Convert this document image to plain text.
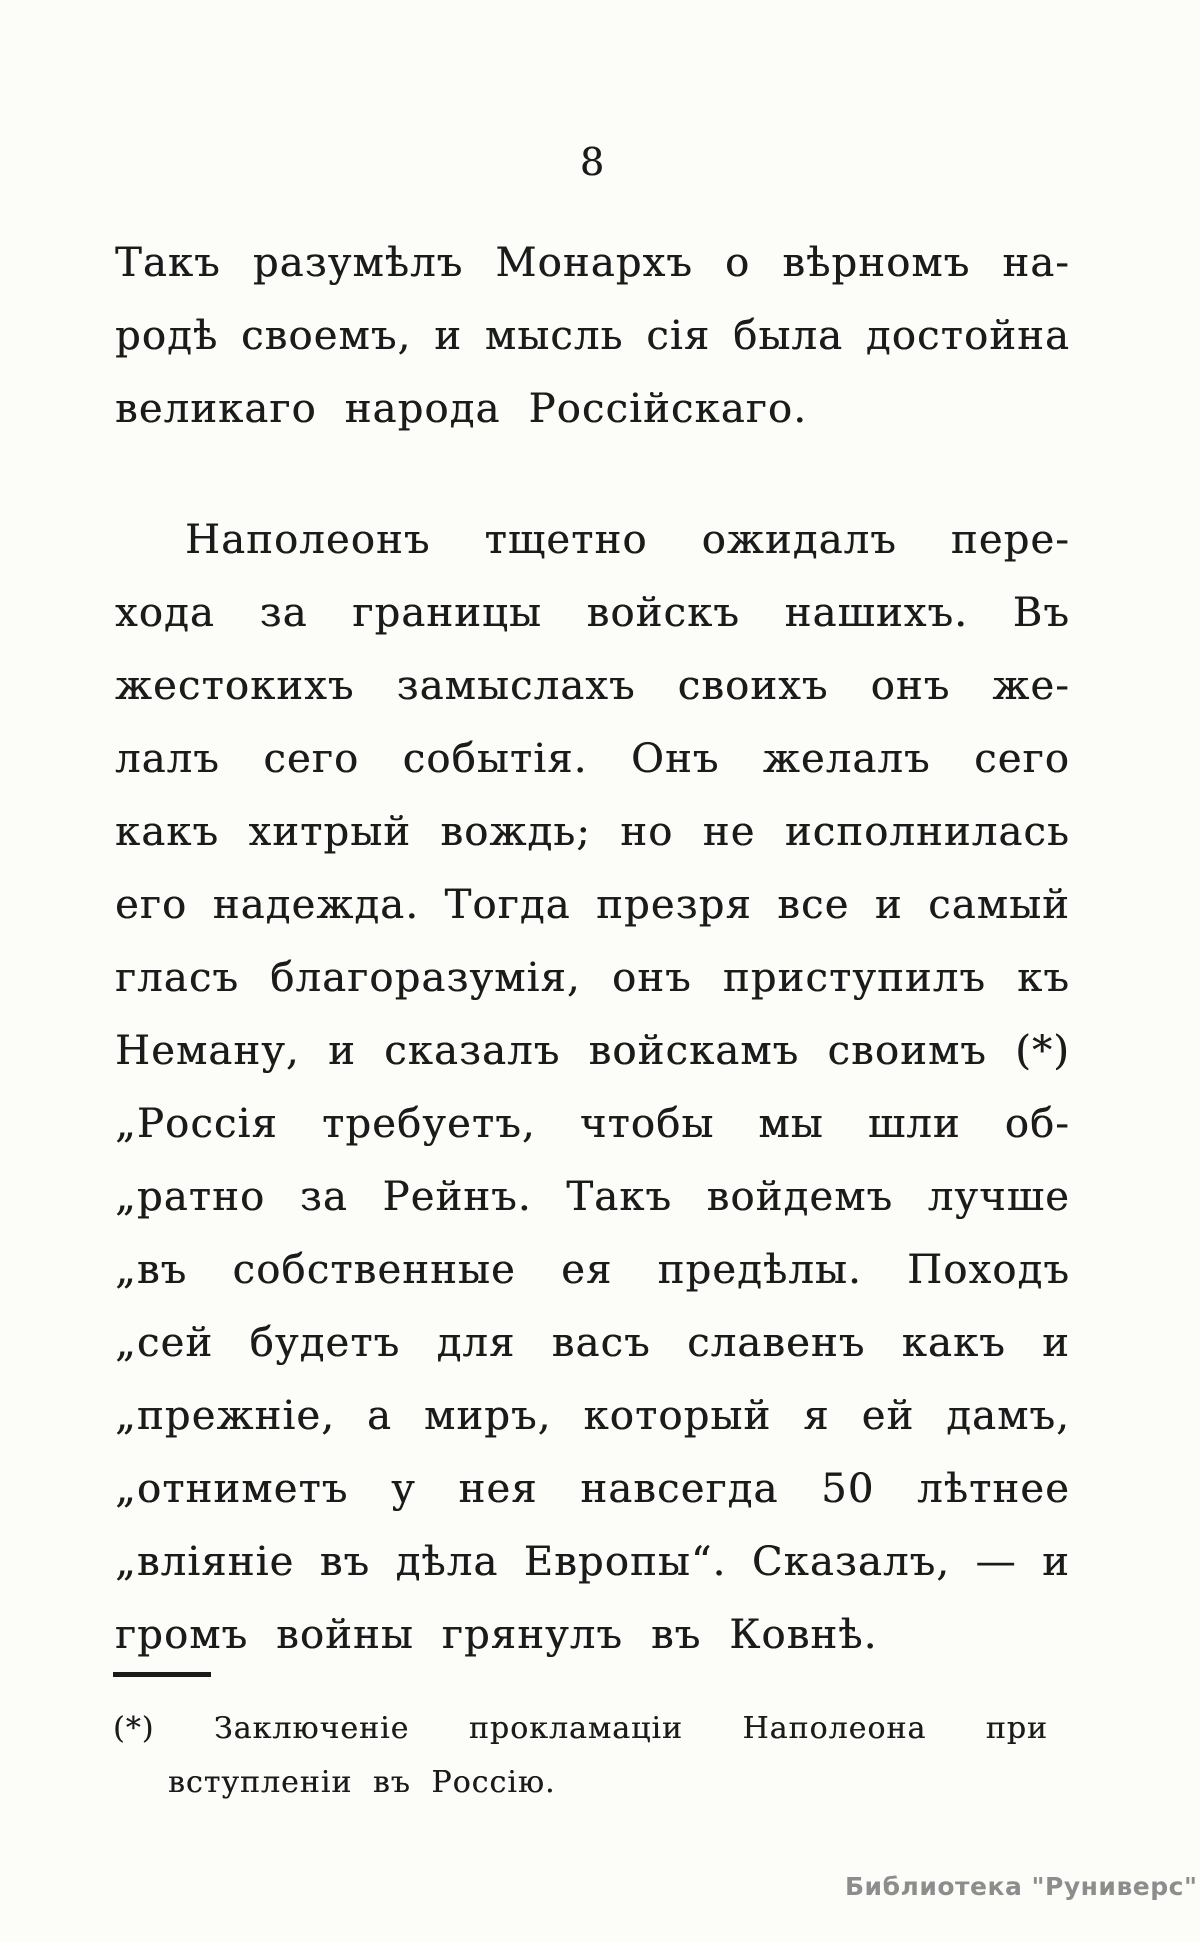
8
Такъ разумѣлъ Монархъ о вѣрномъ на-
родѣ своемъ, и мысль сія была достойна
великаго народа Россійскаго.
Наполеонъ тщетно ожидалъ пере-
хода за границы войскъ нашихъ. Въ
жестокихъ замыслахъ своихъ онъ же-
лалъ сего событія. Онъ желалъ сего
какъ хитрый вождь; но не исполнилась
его надежда. Тогда презря все и самый
гласъ благоразумія, онъ приступилъ къ
Неману, и сказалъ войскамъ своимъ (*)
„Россія требуетъ, чтобы мы шли об-
„ратно за Рейнъ. Такъ войдемъ лучше
„въ собственные ея предѣлы. Походъ
„сей будетъ для васъ славенъ какъ и
„прежніе, а миръ, который я ей дамъ,
„отниметъ у нея навсегда 50 лѣтнее
„вліяніе въ дѣла Европы“. Сказалъ, — и
громъ войны грянулъ въ Ковнѣ.
(*) Заключеніе прокламаціи Наполеона при
вступленіи въ Россію.
Библиотека "Руниверс"
